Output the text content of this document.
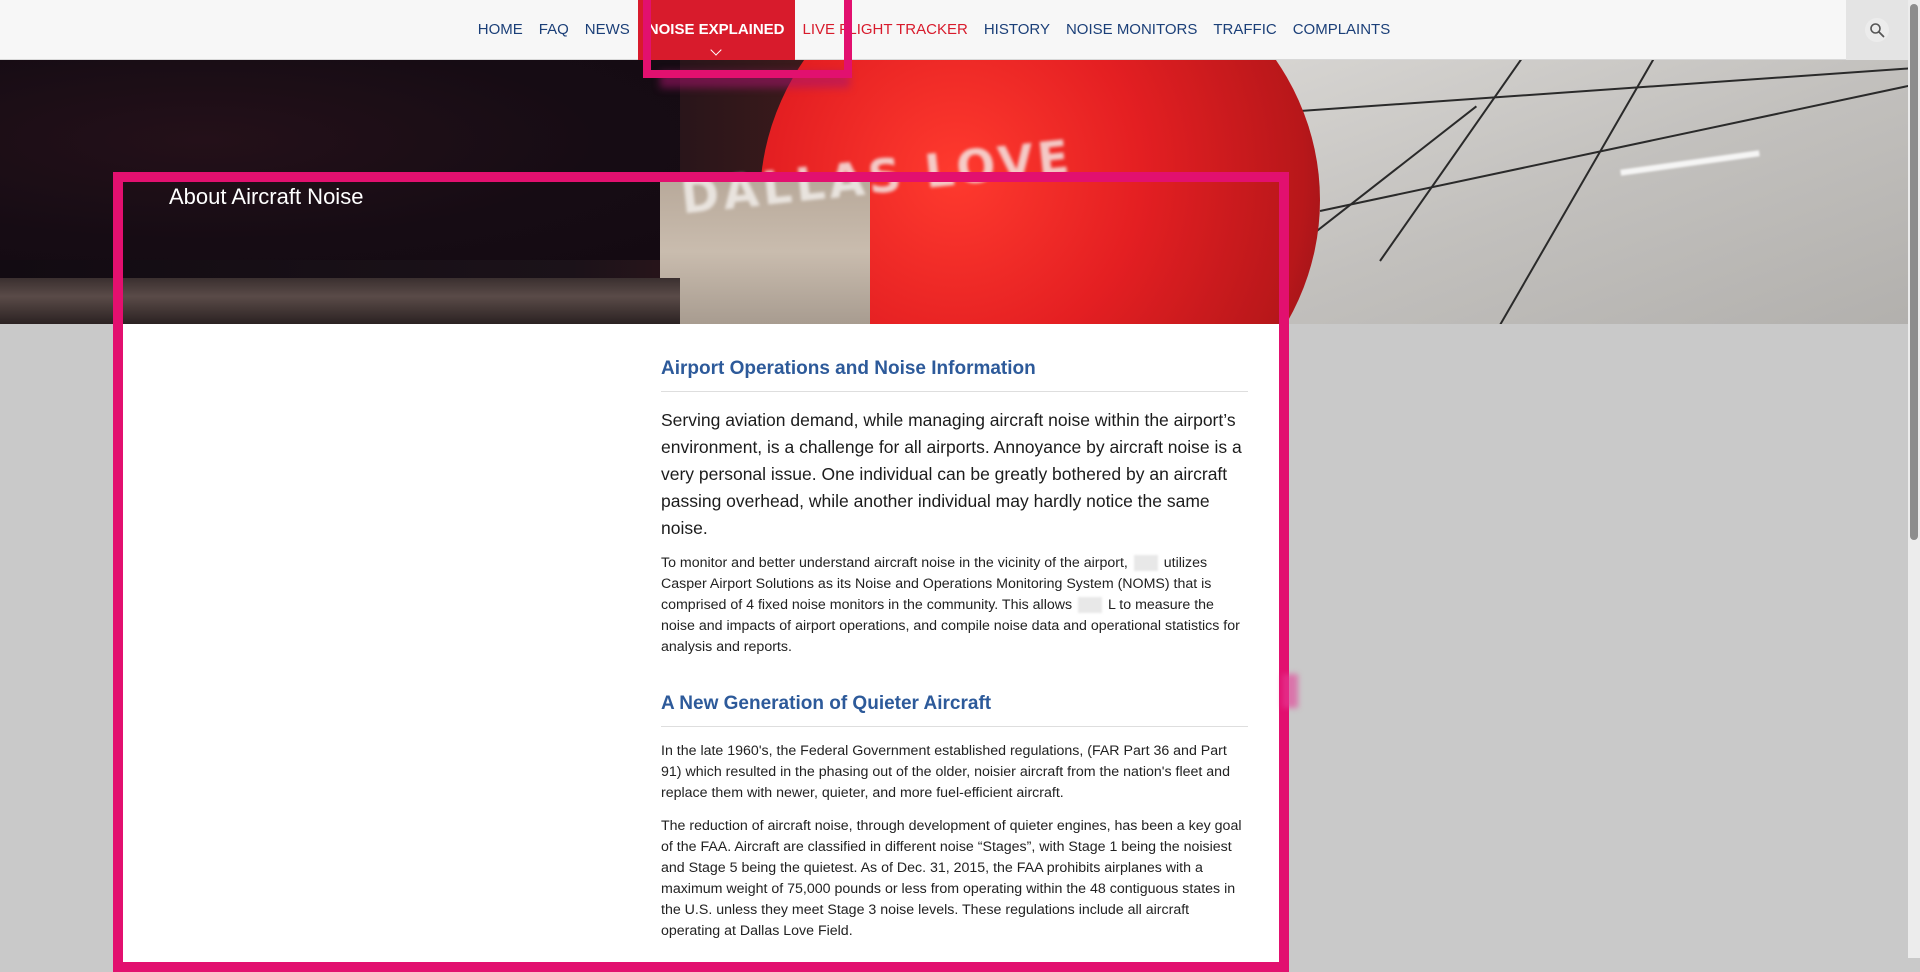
HOME	FAQ	NEWS	NOISE EXPLAINED	LIVE FLIGHT TRACKER	HISTORY	NOISE MONITORS	TRAFFIC	COMPLAINTS
DALLAS LOVE
About Aircraft Noise
Airport Operations and Noise Information

Serving aviation demand, while managing aircraft noise within the airport’s environment, is a challenge for all airports. Annoyance by aircraft noise is a very personal issue. One individual can be greatly bothered by an aircraft passing overhead, while another individual may hardly notice the same noise.

To monitor and better understand aircraft noise in the vicinity of the airport,	utilizes Casper Airport Solutions as its Noise and Operations Monitoring System (NOMS) that is comprised of 4 fixed noise monitors in the community. This allows	L to measure the noise and impacts of airport operations, and compile noise data and operational statistics for analysis and reports.

A New Generation of Quieter Aircraft

In the late 1960's, the Federal Government established regulations, (FAR Part 36 and Part 91) which resulted in the phasing out of the older, noisier aircraft from the nation's fleet and replace them with newer, quieter, and more fuel-efficient aircraft.

The reduction of aircraft noise, through development of quieter engines, has been a key goal of the FAA. Aircraft are classified in different noise “Stages”, with Stage 1 being the noisiest and Stage 5 being the quietest. As of Dec. 31, 2015, the FAA prohibits airplanes with a maximum weight of 75,000 pounds or less from operating within the 48 contiguous states in the U.S. unless they meet Stage 3 noise levels. These regulations include all aircraft operating at Dallas Love Field.
